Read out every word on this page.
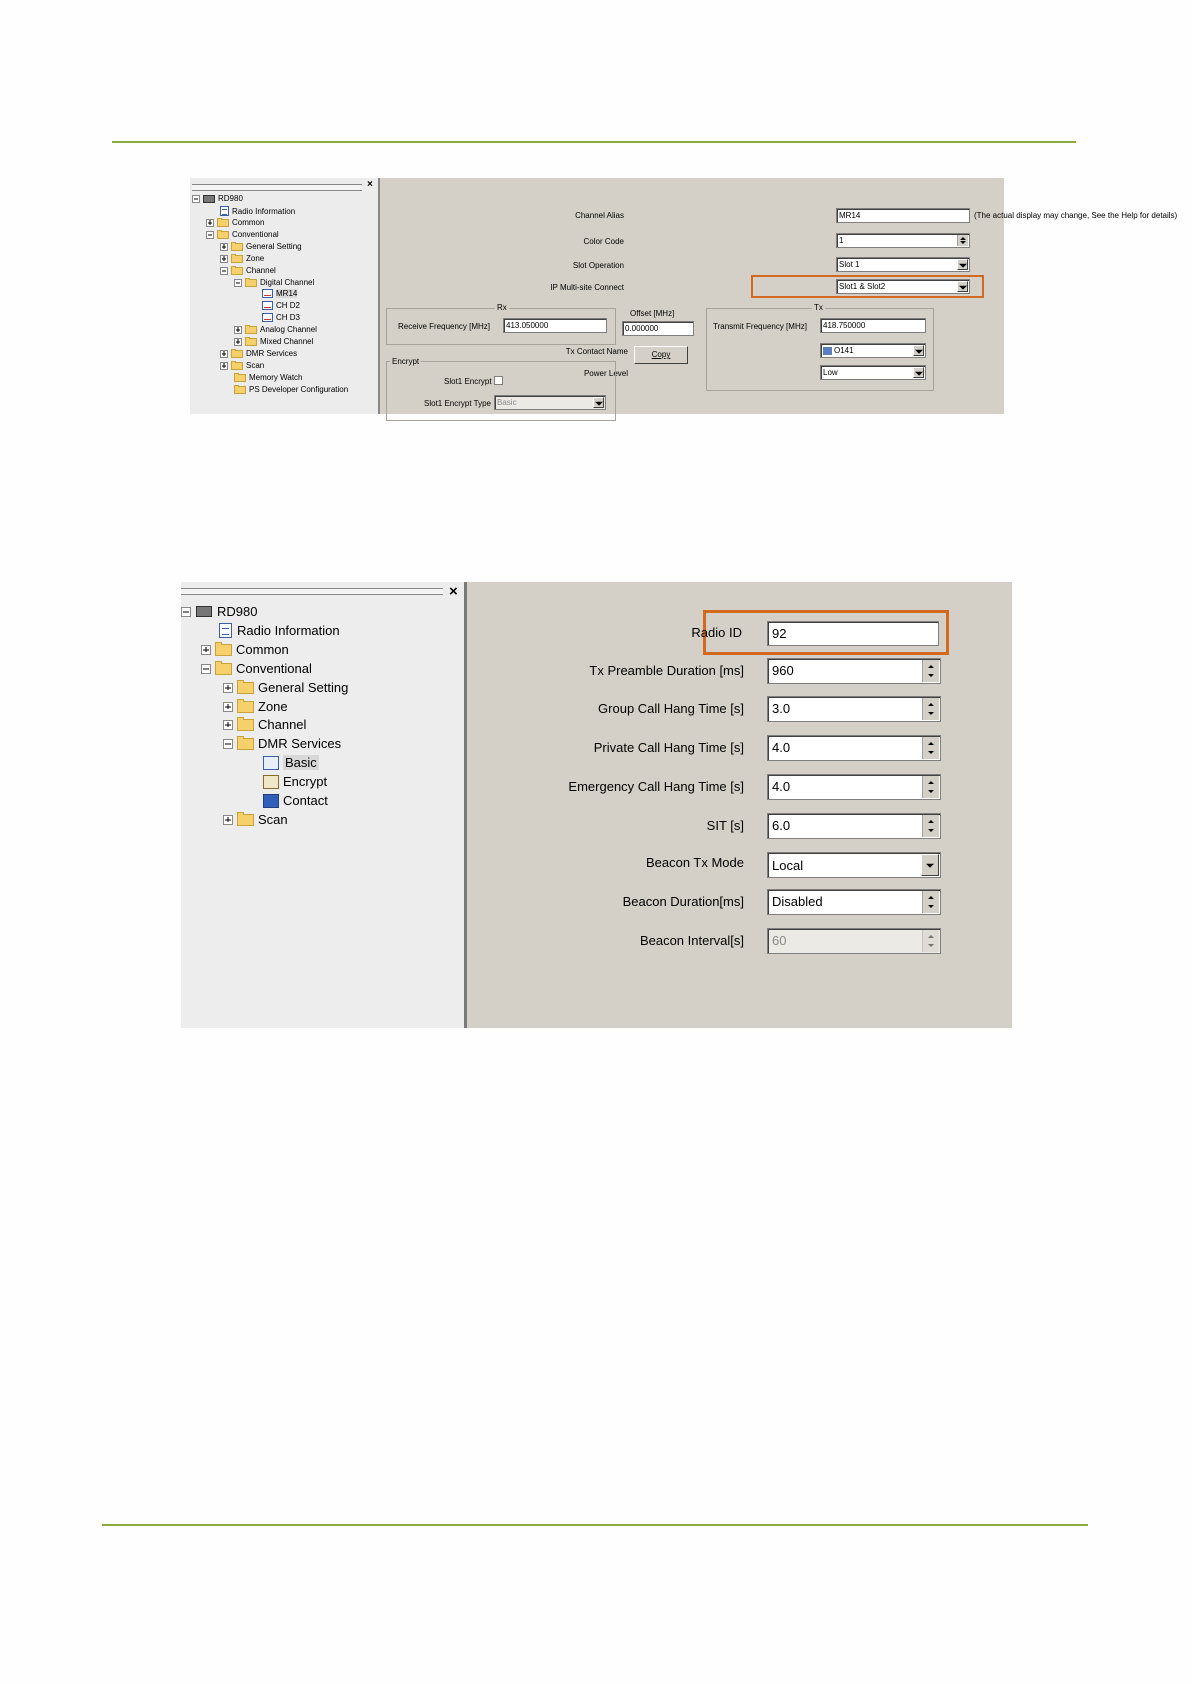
×
RD980
Radio Information
Common
Conventional
General Setting
Zone
Channel
Digital Channel
MR14
CH D2
CH D3
Analog Channel
Mixed Channel
DMR Services
Scan
Memory Watch
PS Developer Configuration
Channel Alias	MR14	(The actual display may change, See the Help for details)
Color Code	1
Slot Operation	Slot 1
IP Multi-site Connect	Slot1 & Slot2
Rx
Receive Frequency [MHz]	413.050000
Offset [MHz]
0.000000
Copy
Tx
Transmit Frequency [MHz]	418.750000
Tx Contact Name	O141
Power Level	Low
Encrypt
Slot1 Encrypt
Slot1 Encrypt Type Basic
×
RD980
Radio Information
Common
Conventional
General Setting
Zone
Channel
DMR Services
Basic
Encrypt
Contact
Scan
Radio ID	92
Tx Preamble Duration [ms]	960
Group Call Hang Time [s]	3.0
Private Call Hang Time [s]	4.0
Emergency Call Hang Time [s]	4.0
SIT [s]	6.0
Beacon Tx Mode	Local
Beacon Duration[ms]	Disabled
Beacon Interval[s]	60
